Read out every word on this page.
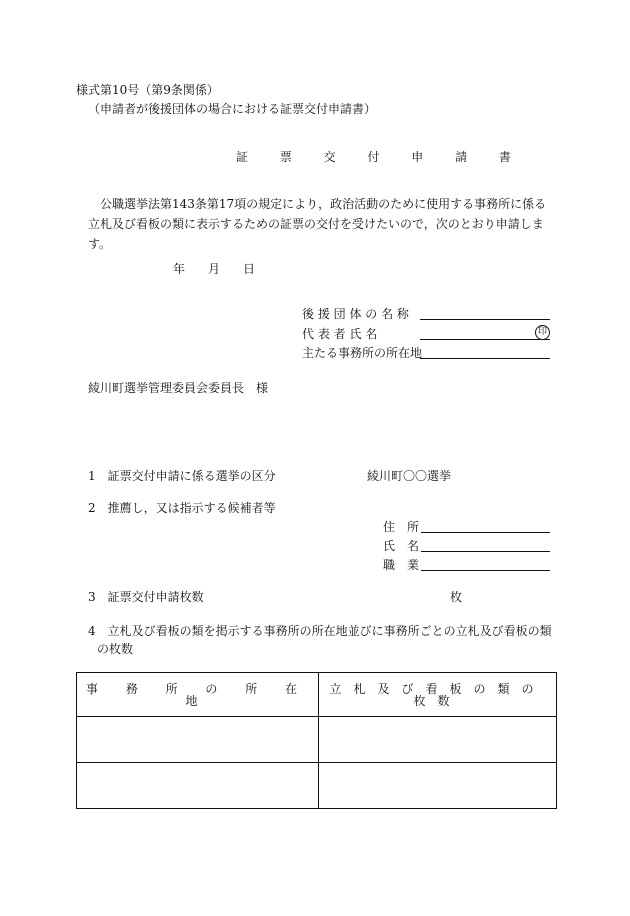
様式第10号（第9条関係）
（申請者が後援団体の場合における証票交付申請書）
証 票 交 付 申 請 書
公職選挙法第143条第17項の規定により，政治活動のために使用する事務所に係る立札及び看板の類に表示するための証票の交付を受けたいので，次のとおり申請します。
年 月 日
後 援 団 体 の 名 称
代 表 者 氏 名	印
主たる事務所の所在地
綾川町選挙管理委員会委員長　様
1　証票交付申請に係る選挙の区分	綾川町〇〇選挙
2　推薦し，又は指示する候補者等
住　所
氏　名
職　業
3　証票交付申請枚数	枚
4　立札及び看板の類を掲示する事務所の所在地並びに事務所ごとの立札及び看板の類
の枚数
事 務 所 の 所 在 地	立札及び看板の類の枚数
